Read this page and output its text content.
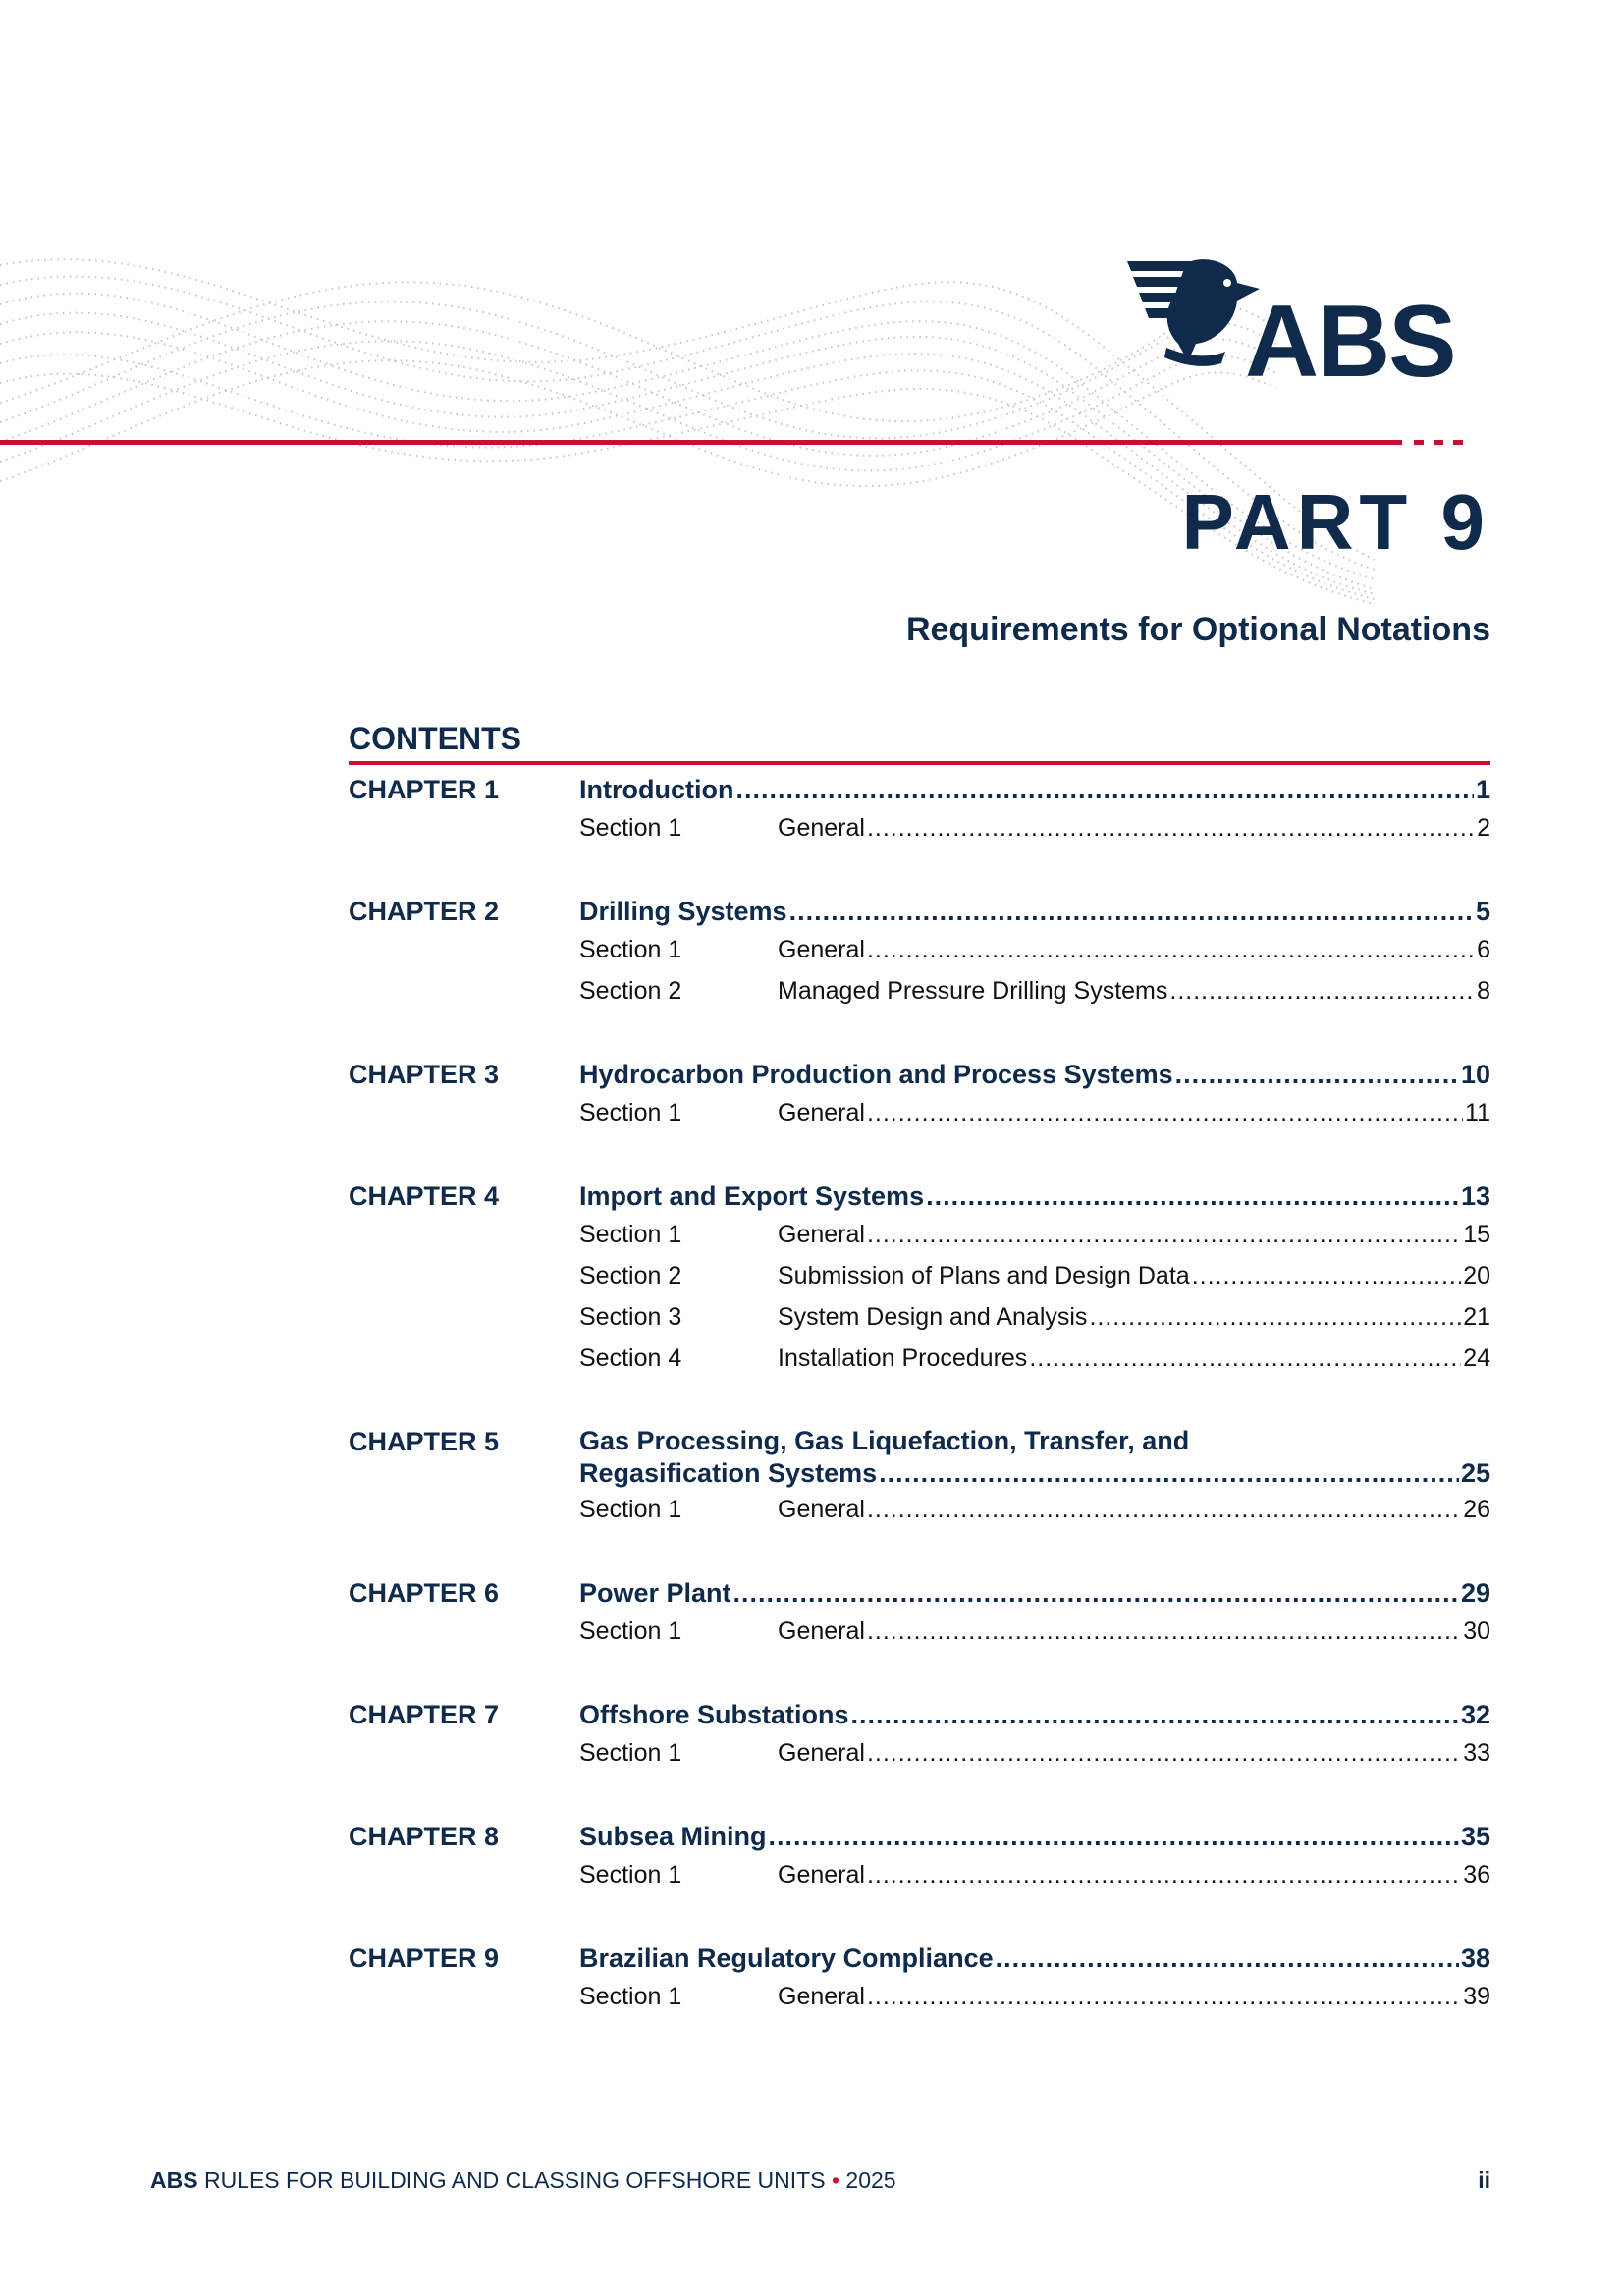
ABS
PART 9
Requirements for Optional Notations
CONTENTS
CHAPTER 1	Introduction .....	1
Section 1	General .....	2
CHAPTER 2	Drilling Systems .....	5
Section 1	General .....	6
Section 2	Managed Pressure Drilling Systems .....	8
CHAPTER 3	Hydrocarbon Production and Process Systems .....	10
Section 1	General .....	11
CHAPTER 4	Import and Export Systems .....	13
Section 1	General .....	15
Section 2	Submission of Plans and Design Data .....	20
Section 3	System Design and Analysis .....	21
Section 4	Installation Procedures .....	24
CHAPTER 5	Gas Processing, Gas Liquefaction, Transfer, and
Regasification Systems .....	25
Section 1	General .....	26
CHAPTER 6	Power Plant .....	29
Section 1	General .....	30
CHAPTER 7	Offshore Substations .....	32
Section 1	General .....	33
CHAPTER 8	Subsea Mining .....	35
Section 1	General .....	36
CHAPTER 9	Brazilian Regulatory Compliance .....	38
Section 1	General .....	39
ABS RULES FOR BUILDING AND CLASSING OFFSHORE UNITS • 2025	ii
